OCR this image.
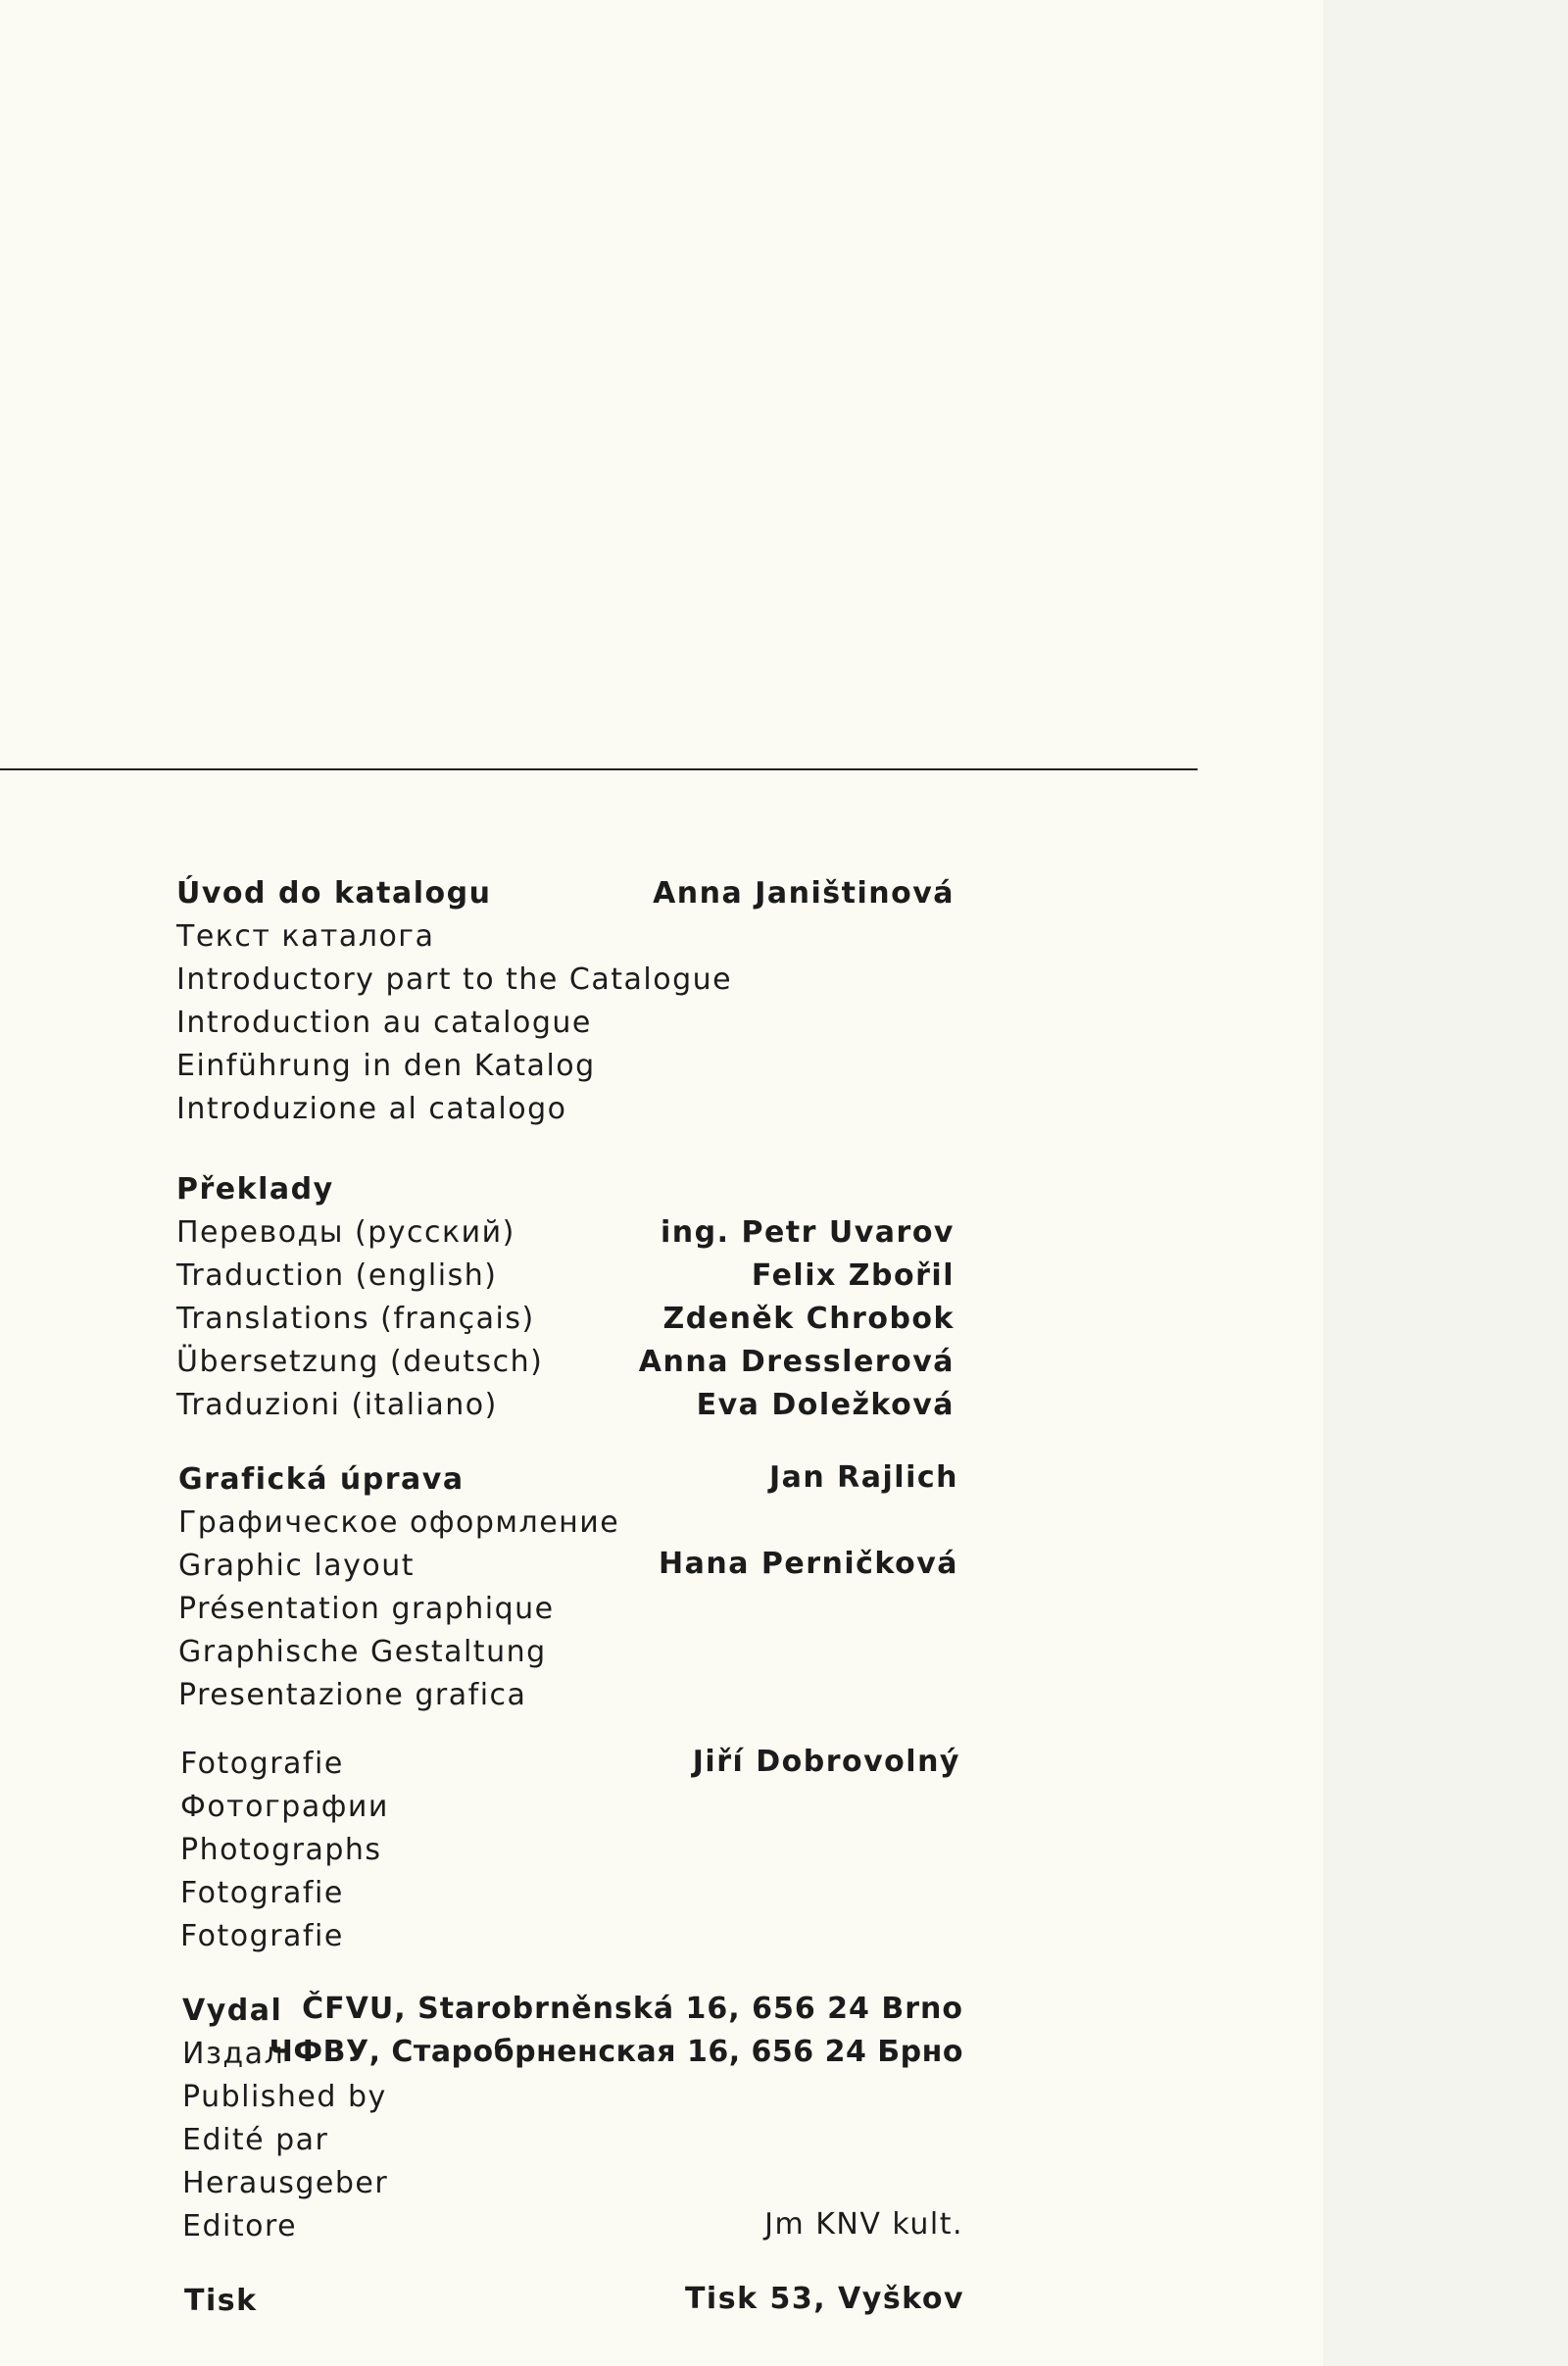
Úvod do katalogu
Текст каталога
Introductory part to the Catalogue
Introduction au catalogue
Einführung in den Katalog
Introduzione al catalogo
Anna Janištinová
Překlady
Переводы (русский)
Traduction (english)
Translations (français)
Übersetzung (deutsch)
Traduzioni (italiano)
ing. Petr Uvarov
Felix Zbořil
Zdeněk Chrobok
Anna Dresslerová
Eva Doležková
Grafická úprava
Графическое оформление
Graphic layout
Présentation graphique
Graphische Gestaltung
Presentazione grafica
Jan Rajlich
Hana Perničková
Fotografie
Фотографии
Photographs
Fotografie
Fotografie
Jiří Dobrovolný
Vydal
Издал
Published by
Edité par
Herausgeber
Editore
ČFVU, Starobrněnská 16, 656 24 Brno
ЧФВУ, Старобрненская 16, 656 24 Брно
Jm KNV kult.
Tisk	Tisk 53, Vyškov
